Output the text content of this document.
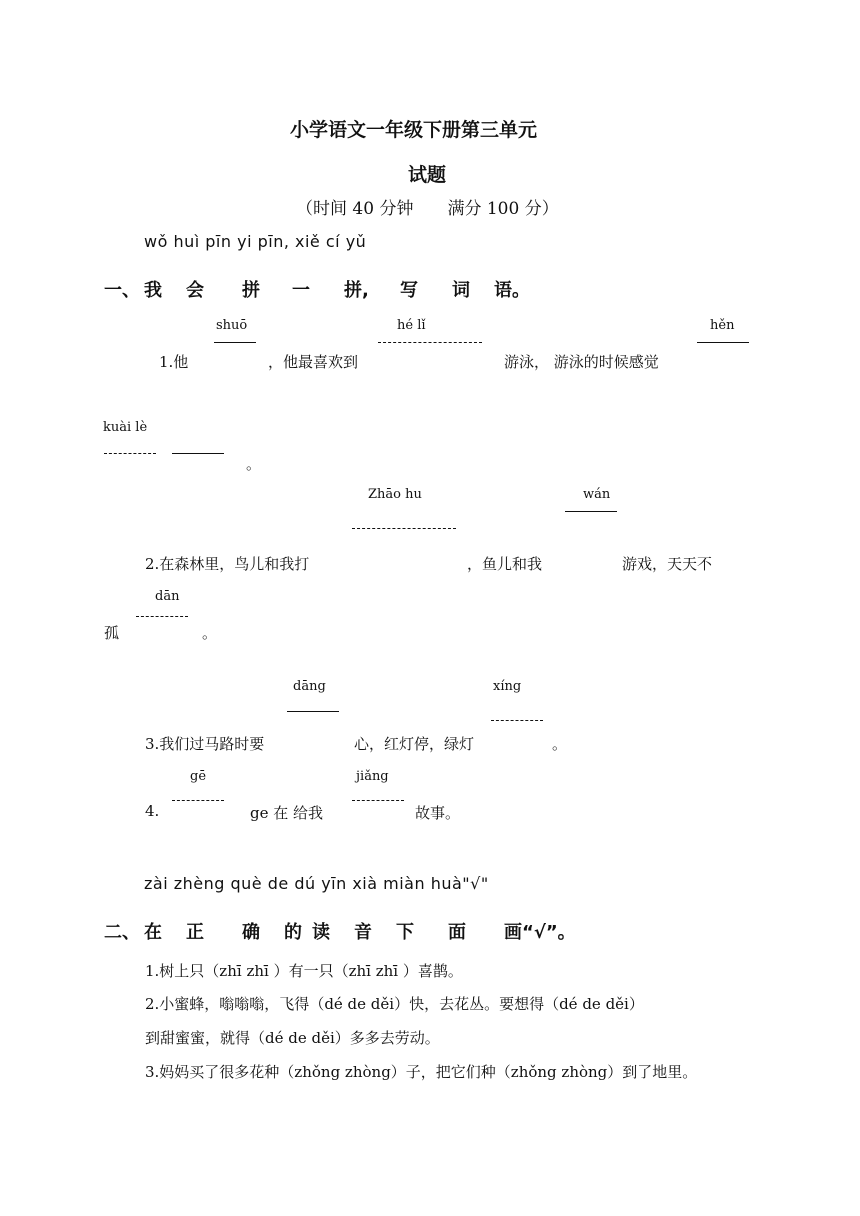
小学语文一年级下册第三单元
试题
（时间 40 分钟　　满分 100 分）
wǒ huì pīn yi pīn, xiě cí yǔ
一、 我 会 拼 一 拼, 写 词 语。
shuō	hé lǐ	hěn
1.他	，他最喜欢到	游泳， 游泳的时候感觉
kuài lè
。
Zhāo hu	wán
2.在森林里，鸟儿和我打	，鱼儿和我	游戏，天天不
dān
孤	。
dāng	xíng
3.我们过马路时要	心，红灯停，绿灯	。
gē	jiǎng
4.	ge 在 给我	故事。
zài zhèng què de dú yīn xià miàn huà"√"
二、 在 正 确 的 读 音 下 面 画“√”。
1.树上只（zhī zhī ）有一只（zhī zhī ）喜鹊。
2.小蜜蜂，嗡嗡嗡，飞得（dé de děi）快，去花丛。要想得（dé de děi）
到甜蜜蜜，就得（dé de děi）多多去劳动。
3.妈妈买了很多花种（zhǒng zhòng）子，把它们种（zhǒng zhòng）到了地里。
